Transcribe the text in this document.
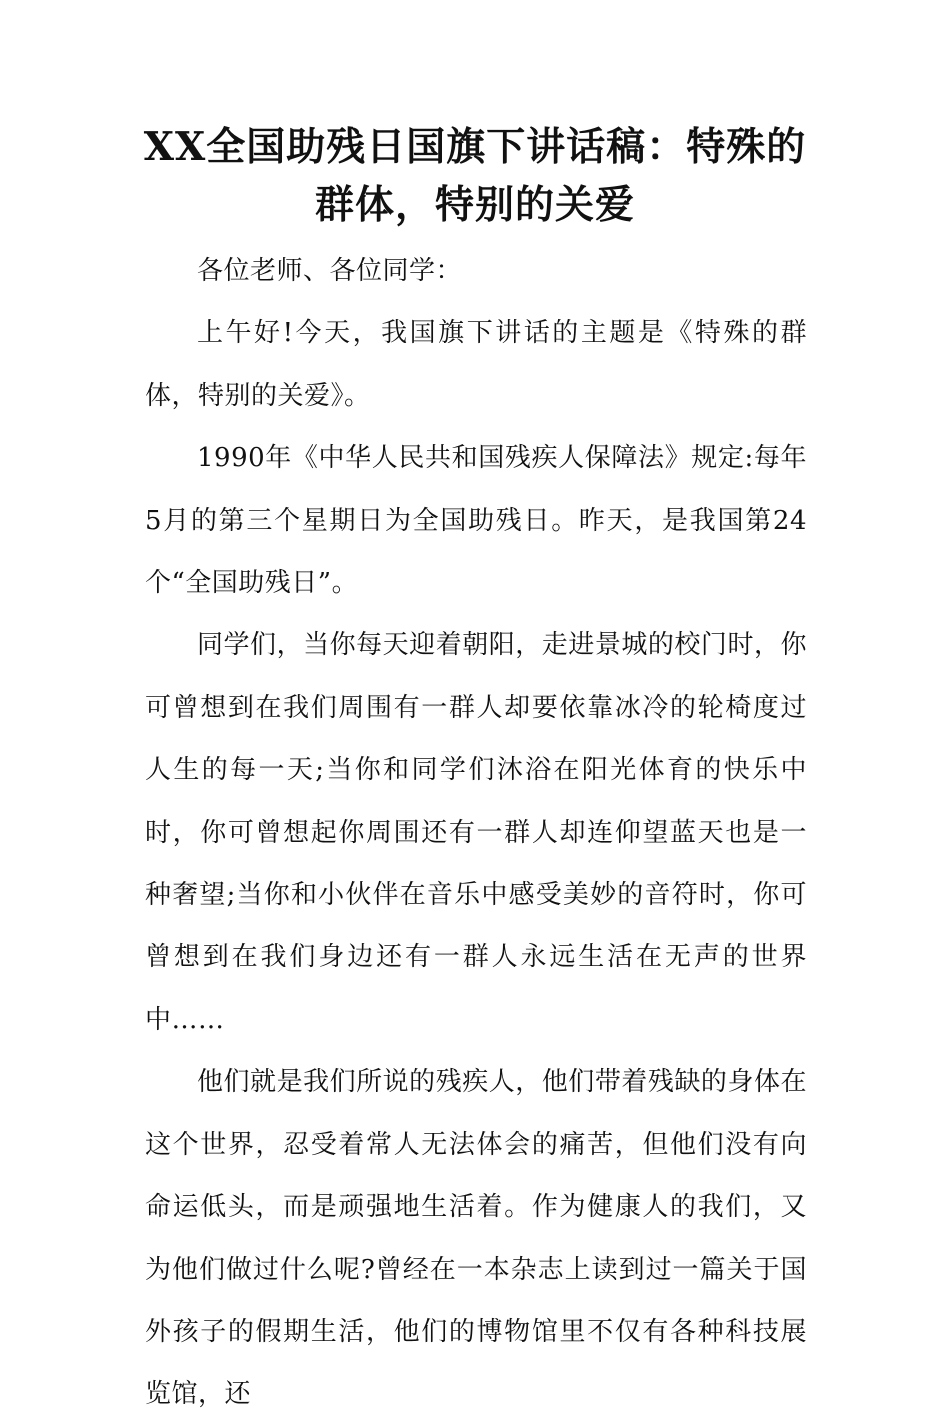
XX全国助残日国旗下讲话稿：特殊的群体，特别的关爱

各位老师、各位同学：

上午好!今天，我国旗下讲话的主题是《特殊的群体，特别的关爱》。

1990年《中华人民共和国残疾人保障法》规定:每年5月的第三个星期日为全国助残日。昨天，是我国第24个“全国助残日”。

同学们，当你每天迎着朝阳，走进景城的校门时，你可曾想到在我们周围有一群人却要依靠冰冷的轮椅度过人生的每一天;当你和同学们沐浴在阳光体育的快乐中时，你可曾想起你周围还有一群人却连仰望蓝天也是一种奢望;当你和小伙伴在音乐中感受美妙的音符时，你可曾想到在我们身边还有一群人永远生活在无声的世界中……

他们就是我们所说的残疾人，他们带着残缺的身体在这个世界，忍受着常人无法体会的痛苦，但他们没有向命运低头，而是顽强地生活着。作为健康人的我们，又为他们做过什么呢?曾经在一本杂志上读到过一篇关于国外孩子的假期生活，他们的博物馆里不仅有各种科技展览馆，还
